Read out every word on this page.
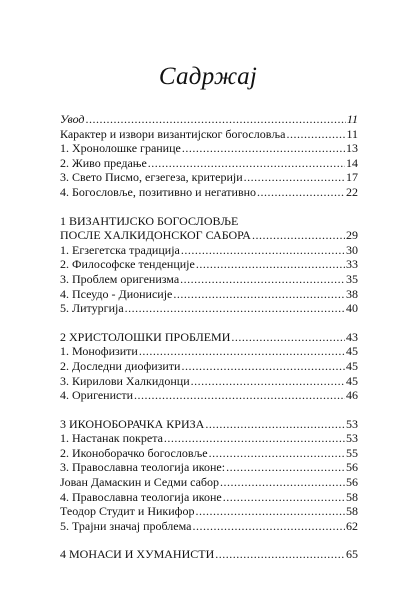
Садржај
Увод .....	11
Карактер и извори византијског богословља .....	11
1. Хронолошке границе .....	13
2. Живо предање .....	14
3. Свето Писмо, егзегеза, критерији .....	17
4. Богословље, позитивно и негативно .....	22
1 ВИЗАНТИЈСКО БОГОСЛОВЉЕ
ПОСЛЕ ХАЛКИДОНСКОГ САБОРА .....	29
1. Егзегетска традиција .....	30
2. Философске тенденције .....	33
3. Проблем оригенизма .....	35
4. Псеудо - Дионисије .....	38
5. Литургија .....	40
2 ХРИСТОЛОШКИ ПРОБЛЕМИ .....	43
1. Монофизити .....	45
2. Доследни диофизити .....	45
3. Кирилови Халкидонци .....	45
4. Оригенисти .....	46
3 ИКОНОБОРАЧКА КРИЗА .....	53
1. Настанак покрета .....	53
2. Иконоборачко богословље .....	55
3. Православна теологија иконе: .....	56
Јован Дамаскин и Седми сабор .....	56
4. Православна теологија иконе .....	58
Теодор Студит и Никифор .....	58
5. Трајни значај проблема .....	62
4 МОНАСИ И ХУМАНИСТИ .....	65
